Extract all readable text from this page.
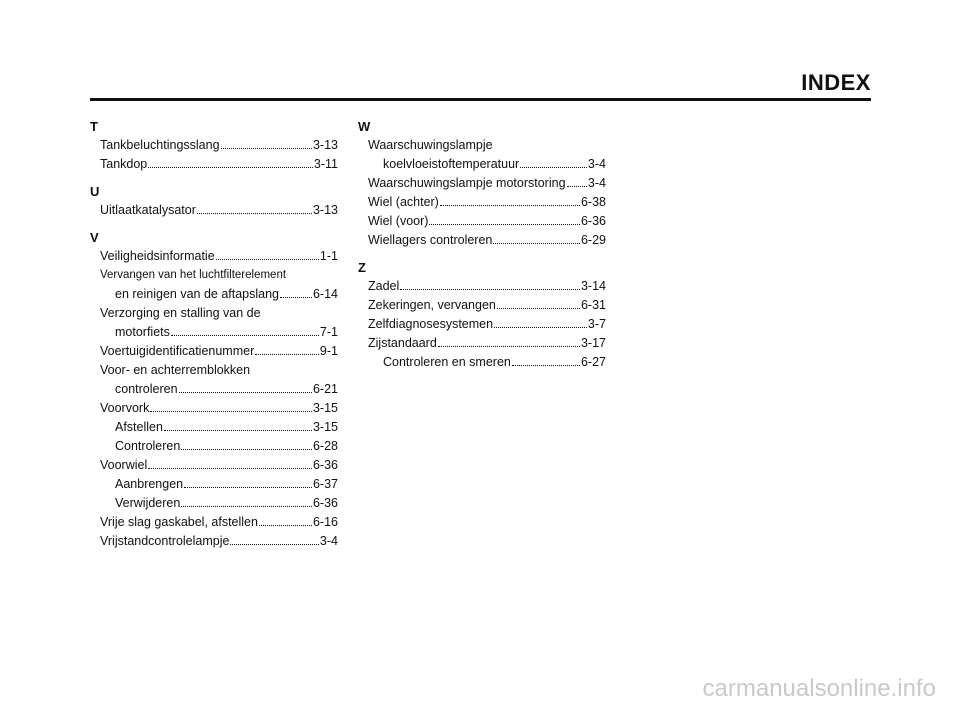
INDEX
T
Tankbeluchtingsslang	3-13
Tankdop	3-11
U
Uitlaatkatalysator	3-13
V
Veiligheidsinformatie	1-1
Vervangen van het luchtfilterelement
en reinigen van de aftapslang	6-14
Verzorging en stalling van de
motorfiets	7-1
Voertuigidentificatienummer	9-1
Voor- en achterremblokken
controleren	6-21
Voorvork	3-15
Afstellen	3-15
Controleren	6-28
Voorwiel	6-36
Aanbrengen	6-37
Verwijderen	6-36
Vrije slag gaskabel, afstellen	6-16
Vrijstandcontrolelampje	3-4
W
Waarschuwingslampje
koelvloeistoftemperatuur	3-4
Waarschuwingslampje motorstoring 3-4
Wiel (achter)	6-38
Wiel (voor)	6-36
Wiellagers controleren	6-29
Z
Zadel	3-14
Zekeringen, vervangen	6-31
Zelfdiagnosesystemen	3-7
Zijstandaard	3-17
Controleren en smeren	6-27
carmanualsonline.info
